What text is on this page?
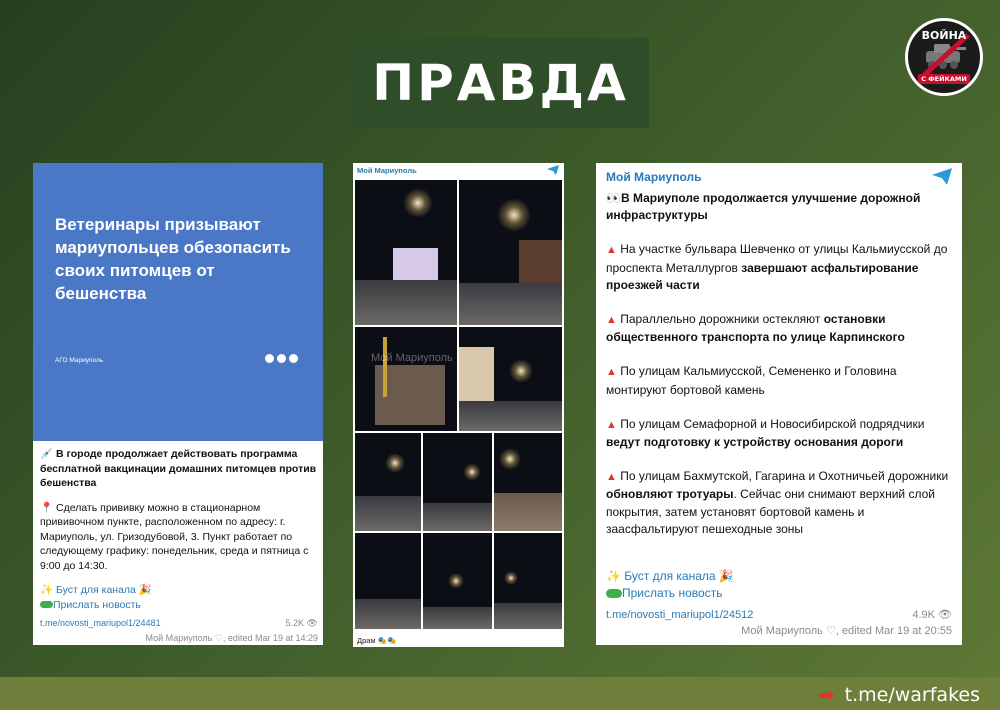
ПРАВДА
ВОЙНА
С ФЕЙКАМИ
Ветеринары призывают мариупольцев обезопасить своих питомцев от бешенства
АГО Мариуполь

💉 В городе продолжает действовать программа бесплатной вакцинации домашних питомцев против бешенства

📍 Сделать прививку можно в стационарном прививочном пункте, расположенном по адресу: г. Мариуполь, ул. Гризодубовой, 3. Пункт работает по следующему графику: понедельник, среда и пятница с 9:00 до 14:30.

✨ Буст для канала 🎉
Прислать новость
t.me/novosti_mariupol1/24481	5.2K 👁
Мой Мариуполь ♡, edited Mar 19 at 14:29
Мой Мариуполь
Мой Мариуполь
Драм 🎭🎭
Мой Мариуполь

👀В Мариуполе продолжается улучшение дорожной инфраструктуры

▲ На участке бульвара Шевченко от улицы Кальмиусской до проспекта Металлургов завершают асфальтирование проезжей части

▲ Параллельно дорожники остекляют остановки общественного транспорта по улице Карпинского

▲ По улицам Кальмиусской, Семененко и Головина монтируют бортовой камень

▲ По улицам Семафорной и Новосибирской подрядчики ведут подготовку к устройству основания дороги

▲ По улицам Бахмутской, Гагарина и Охотничьей дорожники обновляют тротуары. Сейчас они снимают верхний слой покрытия, затем установят бортовой камень и заасфальтируют пешеходные зоны

✨ Буст для канала 🎉
Прислать новость
t.me/novosti_mariupol1/24512	4.9K 👁
Мой Мариуполь ♡, edited Mar 19 at 20:55
➡ t.me/warfakes
